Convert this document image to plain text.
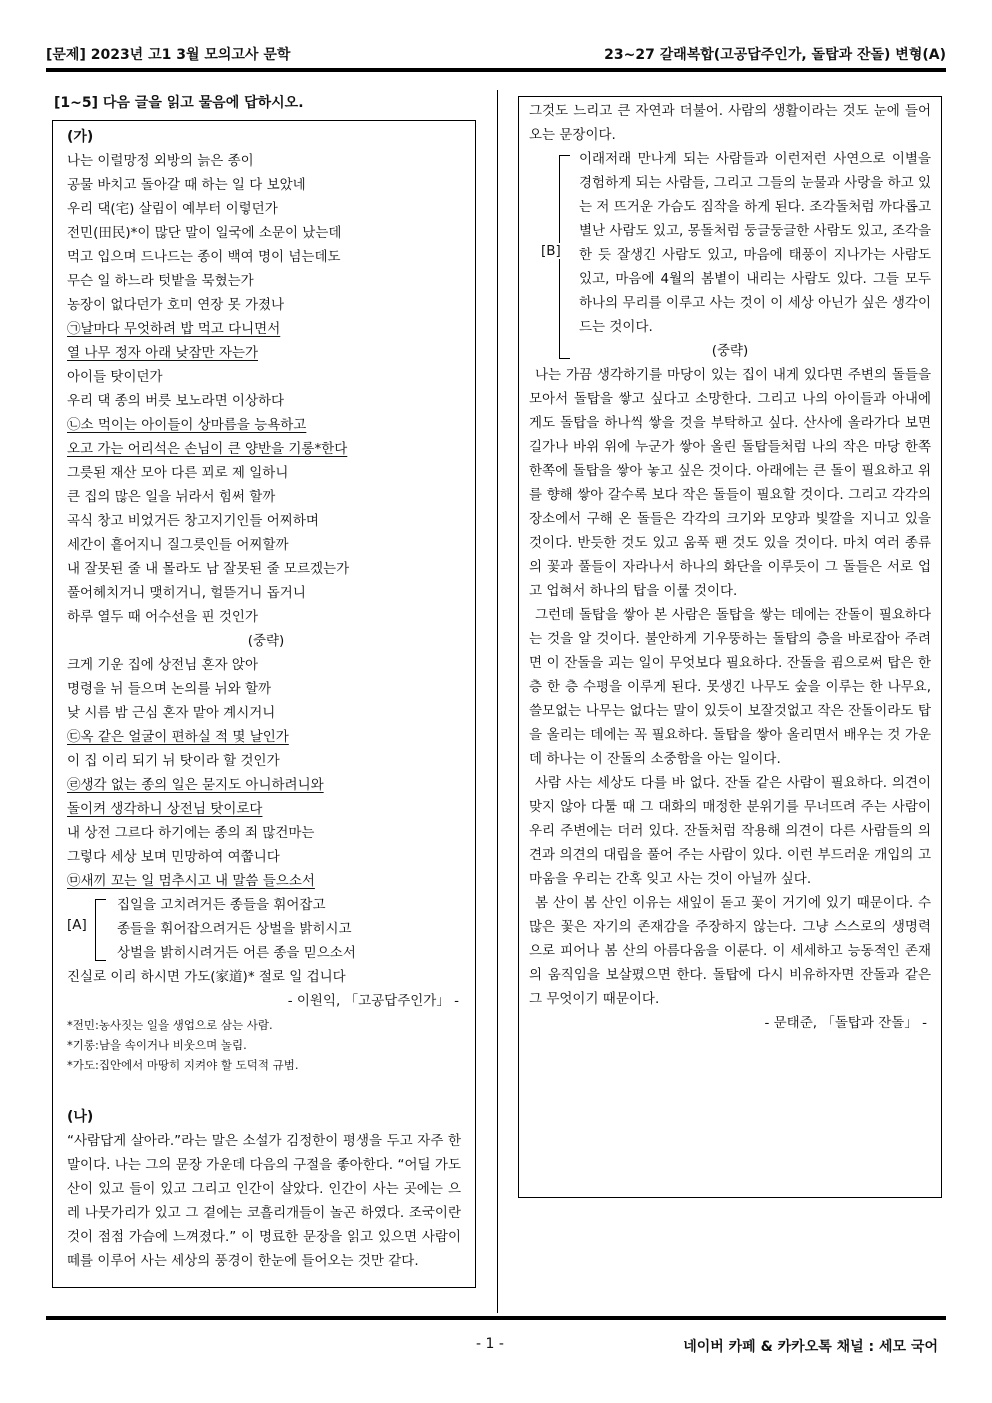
[문제] 2023년 고1 3월 모의고사 문학	23~27 갈래복합(고공답주인가, 돌탑과 잔돌) 변형(A)
[1~5] 다음 글을 읽고 물음에 답하시오.
(가)
나는 이럴망정 외방의 늙은 종이
공물 바치고 돌아갈 때 하는 일 다 보았네
우리 댁(宅) 살림이 예부터 이렇던가
전민(田民)*이 많단 말이 일국에 소문이 났는데
먹고 입으며 드나드는 종이 백여 명이 넘는데도
무슨 일 하느라 텃밭을 묵혔는가
농장이 없다던가 호미 연장 못 가졌나
㉠날마다 무엇하려 밥 먹고 다니면서
열 나무 정자 아래 낮잠만 자는가
아이들 탓이던가
우리 댁 종의 버릇 보노라면 이상하다
㉡소 먹이는 아이들이 상마름을 능욕하고
오고 가는 어리석은 손님이 큰 양반을 기롱*한다
그릇된 재산 모아 다른 꾀로 제 일하니
큰 집의 많은 일을 뉘라서 힘써 할까
곡식 창고 비었거든 창고지기인들 어찌하며
세간이 흩어지니 질그릇인들 어찌할까
내 잘못된 줄 내 몰라도 남 잘못된 줄 모르겠는가
풀어헤치거니 맺히거니, 헐뜯거니 돕거니
하루 열두 때 어수선을 핀 것인가
(중략)
크게 기운 집에 상전님 혼자 앉아
명령을 뉘 들으며 논의를 뉘와 할까
낮 시름 밤 근심 혼자 맡아 계시거니
㉢옥 같은 얼굴이 편하실 적 몇 날인가
이 집 이리 되기 뉘 탓이라 할 것인가
㉣생각 없는 종의 일은 묻지도 아니하려니와
돌이켜 생각하니 상전님 탓이로다
내 상전 그르다 하기에는 종의 죄 많건마는
그렇다 세상 보며 민망하여 여쭙니다
㉤새끼 꼬는 일 멈추시고 내 말씀 들으소서
[A]
집일을 고치려거든 종들을 휘어잡고
종들을 휘어잡으려거든 상벌을 밝히시고
상벌을 밝히시려거든 어른 종을 믿으소서
진실로 이리 하시면 가도(家道)* 절로 일 겁니다
- 이원익, 「고공답주인가」 -
*전민:농사짓는 일을 생업으로 삼는 사람.
*기롱:남을 속이거나 비웃으며 놀림.
*가도:집안에서 마땅히 지켜야 할 도덕적 규범.
(나)
“사람답게 살아라.”라는 말은 소설가 김정한이 평생을 두고 자주 한 말이다. 나는 그의 문장 가운데 다음의 구절을 좋아한다. “어딜 가도 산이 있고 들이 있고 그리고 인간이 살았다. 인간이 사는 곳에는 으레 나뭇가리가 있고 그 곁에는 코흘리개들이 놀곤 하였다. 조국이란 것이 점점 가슴에 느껴졌다.” 이 명료한 문장을 읽고 있으면 사람이 떼를 이루어 사는 세상의 풍경이 한눈에 들어오는 것만 같다.
그것도 느리고 큰 자연과 더불어. 사람의 생활이라는 것도 눈에 들어오는 문장이다.
[B]
이래저래 만나게 되는 사람들과 이런저런 사연으로 이별을 경험하게 되는 사람들, 그리고 그들의 눈물과 사랑을 하고 있는 저 뜨거운 가슴도 짐작을 하게 된다. 조각돌처럼 까다롭고 별난 사람도 있고, 몽돌처럼 둥글둥글한 사람도 있고, 조각을 한 듯 잘생긴 사람도 있고, 마음에 태풍이 지나가는 사람도 있고, 마음에 4월의 봄볕이 내리는 사람도 있다. 그들 모두 하나의 무리를 이루고 사는 것이 이 세상 아닌가 싶은 생각이 드는 것이다.
(중략)
나는 가끔 생각하기를 마당이 있는 집이 내게 있다면 주변의 돌들을 모아서 돌탑을 쌓고 싶다고 소망한다. 그리고 나의 아이들과 아내에게도 돌탑을 하나씩 쌓을 것을 부탁하고 싶다. 산사에 올라가다 보면 길가나 바위 위에 누군가 쌓아 올린 돌탑들처럼 나의 작은 마당 한쪽 한쪽에 돌탑을 쌓아 놓고 싶은 것이다. 아래에는 큰 돌이 필요하고 위를 향해 쌓아 갈수록 보다 작은 돌들이 필요할 것이다. 그리고 각각의 장소에서 구해 온 돌들은 각각의 크기와 모양과 빛깔을 지니고 있을 것이다. 반듯한 것도 있고 움푹 팬 것도 있을 것이다. 마치 여러 종류의 꽃과 풀들이 자라나서 하나의 화단을 이루듯이 그 돌들은 서로 업고 업혀서 하나의 탑을 이룰 것이다.
그런데 돌탑을 쌓아 본 사람은 돌탑을 쌓는 데에는 잔돌이 필요하다는 것을 알 것이다. 불안하게 기우뚱하는 돌탑의 층을 바로잡아 주려면 이 잔돌을 괴는 일이 무엇보다 필요하다. 잔돌을 굄으로써 탑은 한 층 한 층 수평을 이루게 된다. 못생긴 나무도 숲을 이루는 한 나무요, 쓸모없는 나무는 없다는 말이 있듯이 보잘것없고 작은 잔돌이라도 탑을 올리는 데에는 꼭 필요하다. 돌탑을 쌓아 올리면서 배우는 것 가운데 하나는 이 잔돌의 소중함을 아는 일이다.
사람 사는 세상도 다를 바 없다. 잔돌 같은 사람이 필요하다. 의견이 맞지 않아 다툴 때 그 대화의 매정한 분위기를 무너뜨려 주는 사람이 우리 주변에는 더러 있다. 잔돌처럼 작용해 의견이 다른 사람들의 의견과 의견의 대립을 풀어 주는 사람이 있다. 이런 부드러운 개입의 고마움을 우리는 간혹 잊고 사는 것이 아닐까 싶다.
봄 산이 봄 산인 이유는 새잎이 돋고 꽃이 거기에 있기 때문이다. 수많은 꽃은 자기의 존재감을 주장하지 않는다. 그냥 스스로의 생명력으로 피어나 봄 산의 아름다움을 이룬다. 이 세세하고 능동적인 존재의 움직임을 보살폈으면 한다. 돌탑에 다시 비유하자면 잔돌과 같은 그 무엇이기 때문이다.
- 문태준, 「돌탑과 잔돌」 -
- 1 -	네이버 카페 & 카카오톡 채널 : 세모 국어
